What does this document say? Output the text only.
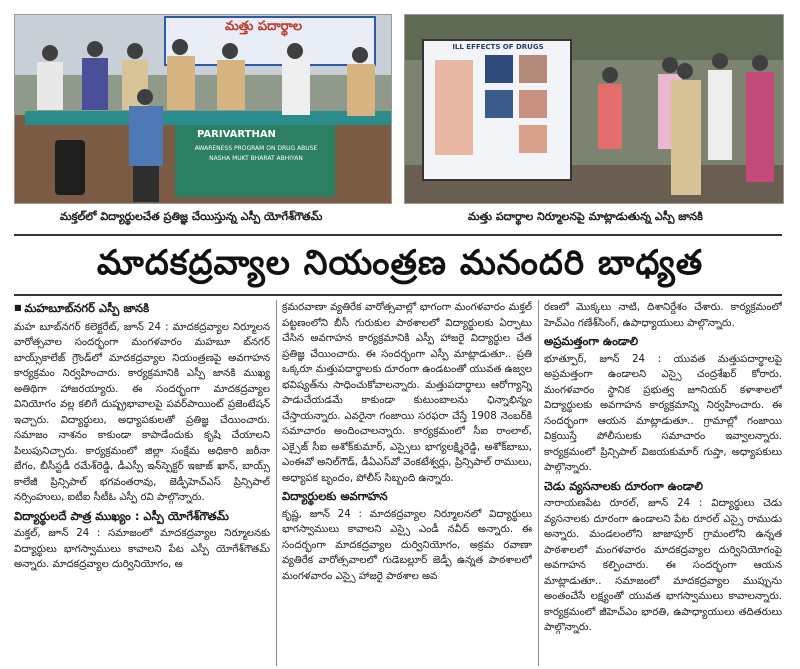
మత్తు పదార్థాల
PARIVARTHAN
AWARENESS PROGRAM ON DRUG ABUSE
NASHA MUKT BHARAT ABHIYAN
మక్తల్‌లో విద్యార్థులచేత ప్రతిజ్ఞ చేయిస్తున్న ఎస్పీ యోగేశ్‌గౌతమ్
ILL EFFECTS OF DRUGS
మత్తు పదార్థాల నిర్మూలనపై మాట్లాడుతున్న ఎస్పీ జానకి
మాదకద్రవ్యాల నియంత్రణ మనందరి బాధ్యత
■ మహబూబ్‌నగర్ ఎస్పీ జానకి

మహ బూబ్‌నగర్ కలెక్టరేట్, జూన్ 24 : మాదకద్రవ్యాల నిర్మూలన వారోత్సవాల సందర్భంగా మంగళవారం మహబూ బ్‌నగర్ బాయ్స్‌కాలేజ్ గ్రౌండ్‌లో మాదకద్రవ్యాల నియంత్రణపై అవగాహన కార్యక్రమం నిర్వహించారు. కార్యక్రమానికి ఎస్పీ జానకి ముఖ్య అతిథిగా హాజరయ్యారు. ఈ సందర్భంగా మాదకద్రవ్యాల వినియోగం వల్ల కలిగే దుష్ప్రభావాలపై పవర్‌పాయింట్ ప్రజెంటేషన్ ఇచ్చారు. విద్యార్థులు, అధ్యాపకులతో ప్రతిజ్ఞ చేయించారు. సమాజం నాశనం కాకుండా కాపాడేందుకు కృషి చేయాలని పిలుపునిచ్చారు. కార్యక్రమంలో జిల్లా సంక్షేమ అధికారి జరీనా బేగం, బీసీస్టడీ రమేశ్‌రెడ్డి, డీఎస్పీ ఇన్‌స్పెక్టర్ ఇజాజ్ ఖాన్, బాయ్స్‌ కాలేజీ ప్రిన్సిపాల్ భగవంతరావు, జెడ్పీహెచ్ఎస్ ప్రిన్సిపాల్ నర్సింహులు, ఐటీఐ సీటీఓ ఎస్పీ రవి పాల్గొన్నారు.

విద్యార్థులదే పాత్ర ముఖ్యం : ఎస్పీ యోగేశ్‌గౌతమ్

మక్తల్, జూన్ 24 : సమాజంలో మాదకద్రవ్యాల నిర్మూలనకు విద్యార్థులు భాగస్వాములు కావాలని పేట ఎస్పీ యోగేశ్‌గౌతమ్ అన్నారు. మాదకద్రవ్యాల దుర్వినియోగం, అ

క్రమరవాణా వ్యతిరేక వారోత్సవాల్లో భాగంగా మంగళవారం మక్తల్ పట్టణంలోని బీసీ గురుకుల పాఠశాలలో విద్యార్థులకు ఏర్పాటు చేసిన అవగాహన కార్యక్రమానికి ఎస్పీ హాజరై విద్యార్థుల చేత ప్రతిజ్ఞ చేయించారు. ఈ సందర్భంగా ఎస్పీ మాట్లాడుతూ.. ప్రతి ఒక్కరూ మత్తుపదార్థాలకు దూరంగా ఉండటంతో యువత ఉజ్వల భవిష్యత్‌ను సాధించుకోవాలన్నారు. మత్తుపదార్థాలు ఆరోగ్యాన్ని పాడుచేయడమే కాకుండా కుటుంబాలను ఛిన్నాభిన్నం చేస్తాయన్నారు. ఎవరైనా గంజాయి సరఫరా చేస్తే 1908 నెంబర్‌కి సమాచారం అందించాలన్నారు. కార్యక్రమంలో సీఐ రాంలాల్, ఎక్సైజ్ సీఐ అశోక్‌కుమార్, ఎస్సైలు భాగ్యలక్ష్మిరెడ్డి, అశోక్‌బాబు, ఎంఈవో అనిల్‌గౌడ్, డీఏఎస్‌వో వెంకటేశ్వర్లు, ప్రిన్సిపాల్ రాములు, అధ్యాపక బృందం, పోలీస్ సిబ్బంది ఉన్నారు.

విద్యార్థులకు అవగాహన

కృష్ణ, జూన్ 24 : మాదకద్రవ్యాల నిర్మూలనలో విద్యార్థులు భాగస్వాములు కావాలని ఎస్సై ఎండీ నవీద్ అన్నారు. ఈ సందర్భంగా మాదకద్రవ్యాల దుర్వినియోగం, అక్రమ రవాణా వ్యతిరేక వారోత్సవాలలో గుడెబల్లూర్ జెడ్పీ ఉన్నత పాఠశాలలో మంగళవారం ఎస్సై హాజరై పాఠశాల అవ

రణలో మొక్కలు నాటి, దిశానిర్దేశం చేశారు. కార్యక్రమంలో హెచ్‌ఎం గణేశ్‌సింగ్, ఉపాధ్యాయులు పాల్గొన్నారు.

అప్రమత్తంగా ఉండాలి

భూత్పూర్, జూన్ 24 : యువత మత్తుపదార్థాలపై అప్రమత్తంగా ఉండాలని ఎస్సై చంద్రశేఖర్ కోరారు. మంగళవారం స్థానిక ప్రభుత్వ జూనియర్ కళాశాలలో విద్యార్థులకు అవగాహన కార్యక్రమాన్ని నిర్వహించారు. ఈ సందర్భంగా ఆయన మాట్లాడుతూ.. గ్రామాల్లో గంజాయి విక్రయిస్తే పోలీసులకు సమాచారం ఇవ్వాలన్నారు. కార్యక్రమంలో ప్రిన్సిపాల్ విజయకుమార్ గుప్తా, అధ్యాపకులు పాల్గొన్నారు.

చెడు వ్యసనాలకు దూరంగా ఉండాలి

నారాయణపేట రూరల్, జూన్ 24 : విద్యార్థులు చెడు వ్యసనాలకు దూరంగా ఉండాలని పేట రూరల్ ఎస్సై రాముడు అన్నారు. మండలంలోని జాజాపూర్ గ్రామంలోని ఉన్నత పాఠశాలలో మంగళవారం మాదకద్రవ్యాల దుర్వినియోగంపై అవగాహన కల్పించారు. ఈ సందర్భంగా ఆయన మాట్లాడుతూ.. సమాజంలో మాదకద్రవ్యాల ముప్పును అంతంచేసే లక్ష్యంతో యువత భాగస్వాములు కావాలన్నారు. కార్యక్రమంలో జీహెచ్ఎం భారతి, ఉపాధ్యాయులు తదితరులు పాల్గొన్నారు.
